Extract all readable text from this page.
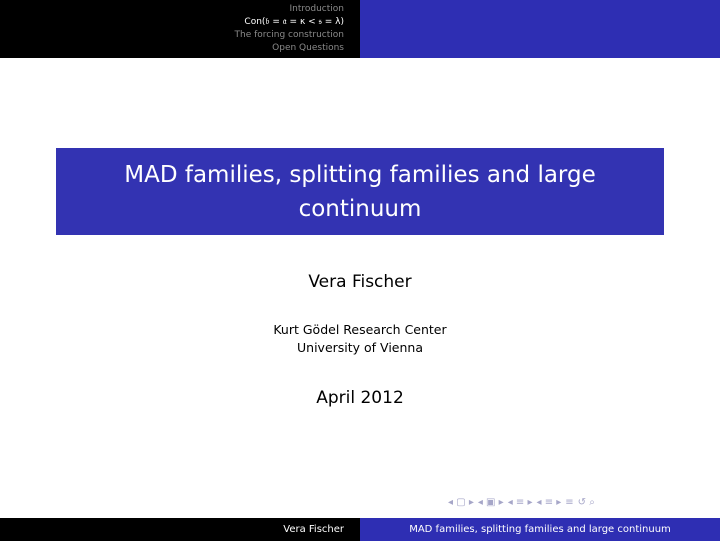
Introduction
Con(𝔟 = 𝔞 = κ < 𝔰 = λ)
The forcing construction
Open Questions
MAD families, splitting families and large continuum
Vera Fischer
Kurt Gödel Research Center
University of Vienna
April 2012
◂ ▢ ▸ ◂ ▣ ▸ ◂ ≡ ▸ ◂ ≡ ▸ ≡ ↺ ⌕
Vera Fischer	MAD families, splitting families and large continuum
